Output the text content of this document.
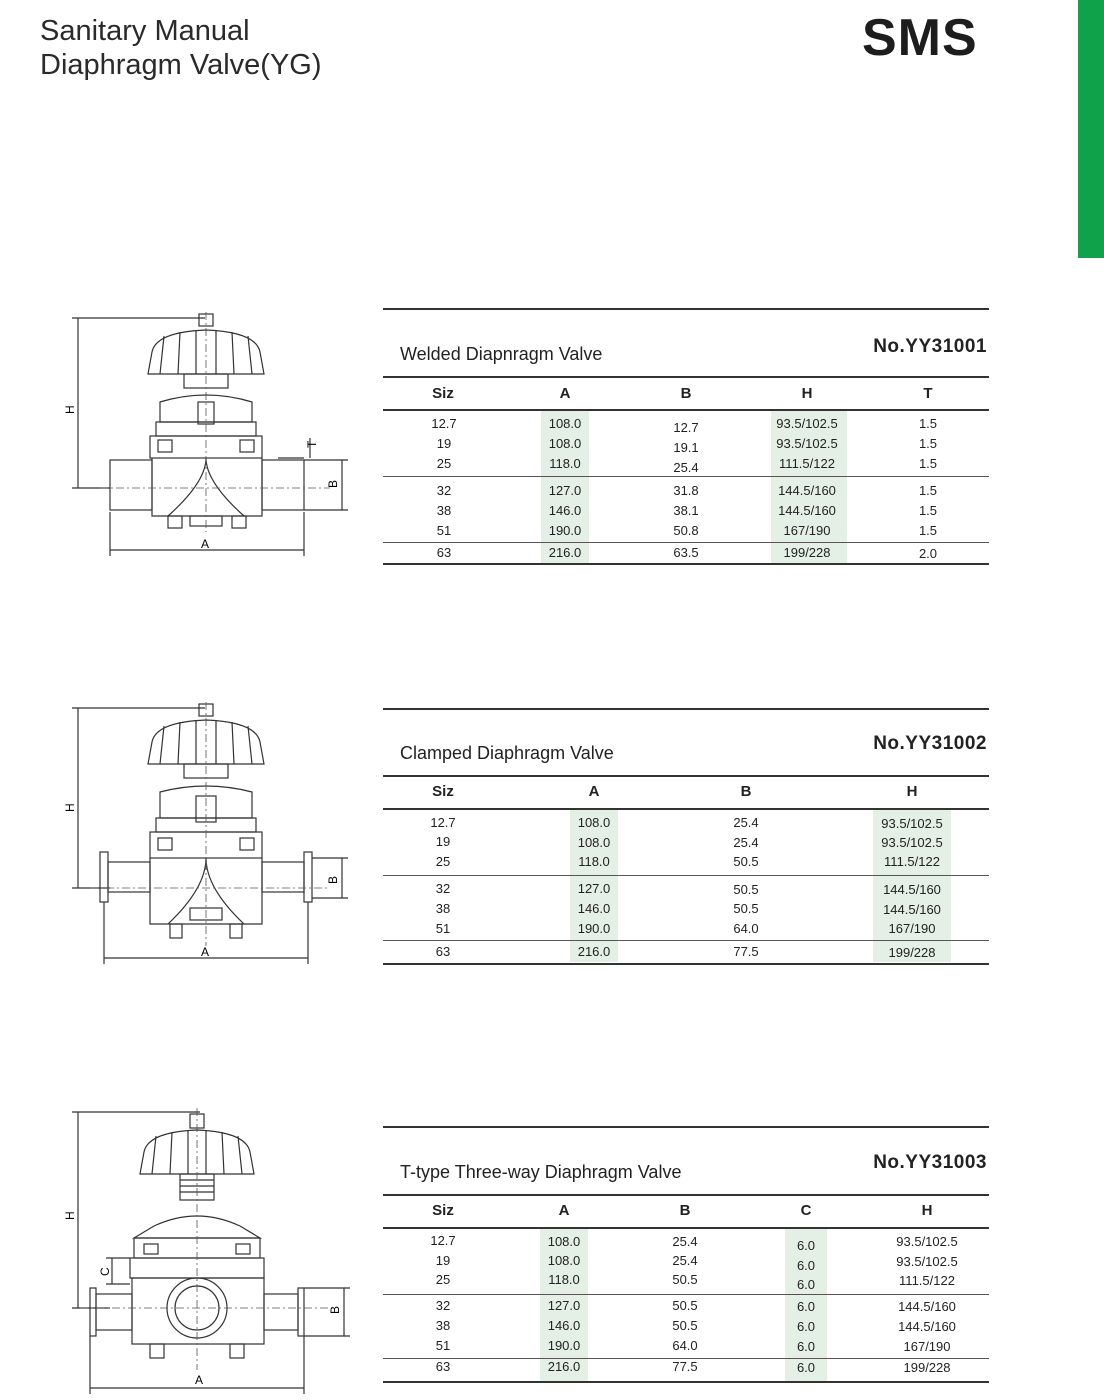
Sanitary Manual
Diaphragm Valve(YG)	SMS
H
A
B
T
Welded Diapnragm Valve	No.YY31001
Siz	A	B	H	T
12.7	108.0	12.7	93.5/102.5	1.5
19	108.0	19.1	93.5/102.5	1.5
25	118.0	25.4	111.5/122	1.5
32	127.0	31.8	144.5/160	1.5
38	146.0	38.1	144.5/160	1.5
51	190.0	50.8	167/190	1.5
63	216.0	63.5	199/228	2.0
H
A
B
Clamped Diaphragm Valve	No.YY31002
Siz	A	B	H
12.7	108.0	25.4	93.5/102.5
19	108.0	25.4	93.5/102.5
25	118.0	50.5	111.5/122
32	127.0	50.5	144.5/160
38	146.0	50.5	144.5/160
51	190.0	64.0	167/190
63	216.0	77.5	199/228
H
A
B
C
T-type Three-way Diaphragm Valve	No.YY31003
Siz	A	B	C	H
12.7	108.0	25.4	6.0	93.5/102.5
19	108.0	25.4	6.0	93.5/102.5
25	118.0	50.5	6.0	111.5/122
32	127.0	50.5	6.0	144.5/160
38	146.0	50.5	6.0	144.5/160
51	190.0	64.0	6.0	167/190
63	216.0	77.5	6.0	199/228
